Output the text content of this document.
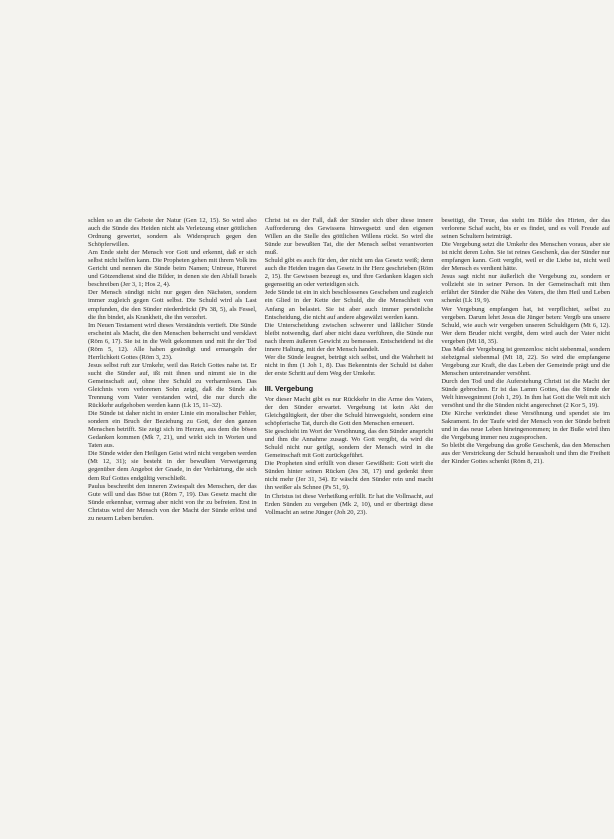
schlen so an die Gebote der Natur (Gen 12, 15). So wird also auch die Sünde des Heiden nicht als Verletzung einer göttlichen Ordnung gewertet, sondern als Widerspruch gegen den Schöpferwillen.

Am Ende steht der Mensch vor Gott und erkennt, daß er sich selbst nicht helfen kann. Die Propheten gehen mit ihrem Volk ins Gericht und nennen die Sünde beim Namen; Untreue, Hurerei und Götzendienst sind die Bilder, in denen sie den Abfall Israels beschreiben (Jer 3, 1; Hos 2, 4).

Der Mensch sündigt nicht nur gegen den Nächsten, sondern immer zugleich gegen Gott selbst. Die Schuld wird als Last empfunden, die den Sünder niederdrückt (Ps 38, 5), als Fessel, die ihn bindet, als Krankheit, die ihn verzehrt.

Im Neuen Testament wird dieses Verständnis vertieft. Die Sünde erscheint als Macht, die den Menschen beherrscht und versklavt (Röm 6, 17). Sie ist in die Welt gekommen und mit ihr der Tod (Röm 5, 12). Alle haben gesündigt und ermangeln der Herrlichkeit Gottes (Röm 3, 23).

Jesus selbst ruft zur Umkehr, weil das Reich Gottes nahe ist. Er sucht die Sünder auf, ißt mit ihnen und nimmt sie in die Gemeinschaft auf, ohne ihre Schuld zu verharmlosen. Das Gleichnis vom verlorenen Sohn zeigt, daß die Sünde als Trennung vom Vater verstanden wird, die nur durch die Rückkehr aufgehoben werden kann (Lk 15, 11–32).

Die Sünde ist daher nicht in erster Linie ein moralischer Fehler, sondern ein Bruch der Beziehung zu Gott, der den ganzen Menschen betrifft. Sie zeigt sich im Herzen, aus dem die bösen Gedanken kommen (Mk 7, 21), und wirkt sich in Worten und Taten aus.

Die Sünde wider den Heiligen Geist wird nicht vergeben werden (Mt 12, 31); sie besteht in der bewußten Verweigerung gegenüber dem Angebot der Gnade, in der Verhärtung, die sich dem Ruf Gottes endgültig verschließt.

Paulus beschreibt den inneren Zwiespalt des Menschen, der das Gute will und das Böse tut (Röm 7, 19). Das Gesetz macht die Sünde erkennbar, vermag aber nicht von ihr zu befreien. Erst in Christus wird der Mensch von der Macht der Sünde erlöst und zu neuem Leben berufen.

Christ ist es der Fall, daß der Sünder sich über diese innere Aufforderung des Gewissens hinwegsetzt und den eigenen Willen an die Stelle des göttlichen Willens rückt. So wird die Sünde zur bewußten Tat, die der Mensch selbst verantworten muß.

Schuld gibt es auch für den, der nicht um das Gesetz weiß; denn auch die Heiden tragen das Gesetz in ihr Herz geschrieben (Röm 2, 15). Ihr Gewissen bezeugt es, und ihre Gedanken klagen sich gegenseitig an oder verteidigen sich.

Jede Sünde ist ein in sich beschlossenes Geschehen und zugleich ein Glied in der Kette der Schuld, die die Menschheit von Anfang an belastet. Sie ist aber auch immer persönliche Entscheidung, die nicht auf andere abgewälzt werden kann.

Die Unterscheidung zwischen schwerer und läßlicher Sünde bleibt notwendig, darf aber nicht dazu verführen, die Sünde nur nach ihrem äußeren Gewicht zu bemessen. Entscheidend ist die innere Haltung, mit der der Mensch handelt.

Wer die Sünde leugnet, betrügt sich selbst, und die Wahrheit ist nicht in ihm (1 Joh 1, 8). Das Bekenntnis der Schuld ist daher der erste Schritt auf dem Weg der Umkehr.

III. Vergebung

Vor dieser Macht gibt es nur Rückkehr in die Arme des Vaters, der den Sünder erwartet. Vergebung ist kein Akt der Gleichgültigkeit, der über die Schuld hinwegsieht, sondern eine schöpferische Tat, durch die Gott den Menschen erneuert.

Sie geschieht im Wort der Versöhnung, das den Sünder anspricht und ihm die Annahme zusagt. Wo Gott vergibt, da wird die Schuld nicht nur getilgt, sondern der Mensch wird in die Gemeinschaft mit Gott zurückgeführt.

Die Propheten sind erfüllt von dieser Gewißheit: Gott wirft die Sünden hinter seinen Rücken (Jes 38, 17) und gedenkt ihrer nicht mehr (Jer 31, 34). Er wäscht den Sünder rein und macht ihn weißer als Schnee (Ps 51, 9).

In Christus ist diese Verheißung erfüllt. Er hat die Vollmacht, auf Erden Sünden zu vergeben (Mk 2, 10), und er überträgt diese Vollmacht an seine Jünger (Joh 20, 23).

beseitigt, die Treue, das steht im Bilde des Hirten, der das verlorene Schaf sucht, bis er es findet, und es voll Freude auf seinen Schultern heimträgt.

Die Vergebung setzt die Umkehr des Menschen voraus, aber sie ist nicht deren Lohn. Sie ist reines Geschenk, das der Sünder nur empfangen kann. Gott vergibt, weil er die Liebe ist, nicht weil der Mensch es verdient hätte.

Jesus sagt nicht nur äußerlich die Vergebung zu, sondern er vollzieht sie in seiner Person. In der Gemeinschaft mit ihm erfährt der Sünder die Nähe des Vaters, die ihm Heil und Leben schenkt (Lk 19, 9).

Wer Vergebung empfangen hat, ist verpflichtet, selbst zu vergeben. Darum lehrt Jesus die Jünger beten: Vergib uns unsere Schuld, wie auch wir vergeben unseren Schuldigern (Mt 6, 12). Wer dem Bruder nicht vergibt, dem wird auch der Vater nicht vergeben (Mt 18, 35).

Das Maß der Vergebung ist grenzenlos: nicht siebenmal, sondern siebzigmal siebenmal (Mt 18, 22). So wird die empfangene Vergebung zur Kraft, die das Leben der Gemeinde prägt und die Menschen untereinander versöhnt.

Durch den Tod und die Auferstehung Christi ist die Macht der Sünde gebrochen. Er ist das Lamm Gottes, das die Sünde der Welt hinwegnimmt (Joh 1, 29). In ihm hat Gott die Welt mit sich versöhnt und ihr die Sünden nicht angerechnet (2 Kor 5, 19).

Die Kirche verkündet diese Versöhnung und spendet sie im Sakrament. In der Taufe wird der Mensch von der Sünde befreit und in das neue Leben hineingenommen; in der Buße wird ihm die Vergebung immer neu zugesprochen.

So bleibt die Vergebung das große Geschenk, das den Menschen aus der Verstrickung der Schuld herausholt und ihm die Freiheit der Kinder Gottes schenkt (Röm 8, 21).
